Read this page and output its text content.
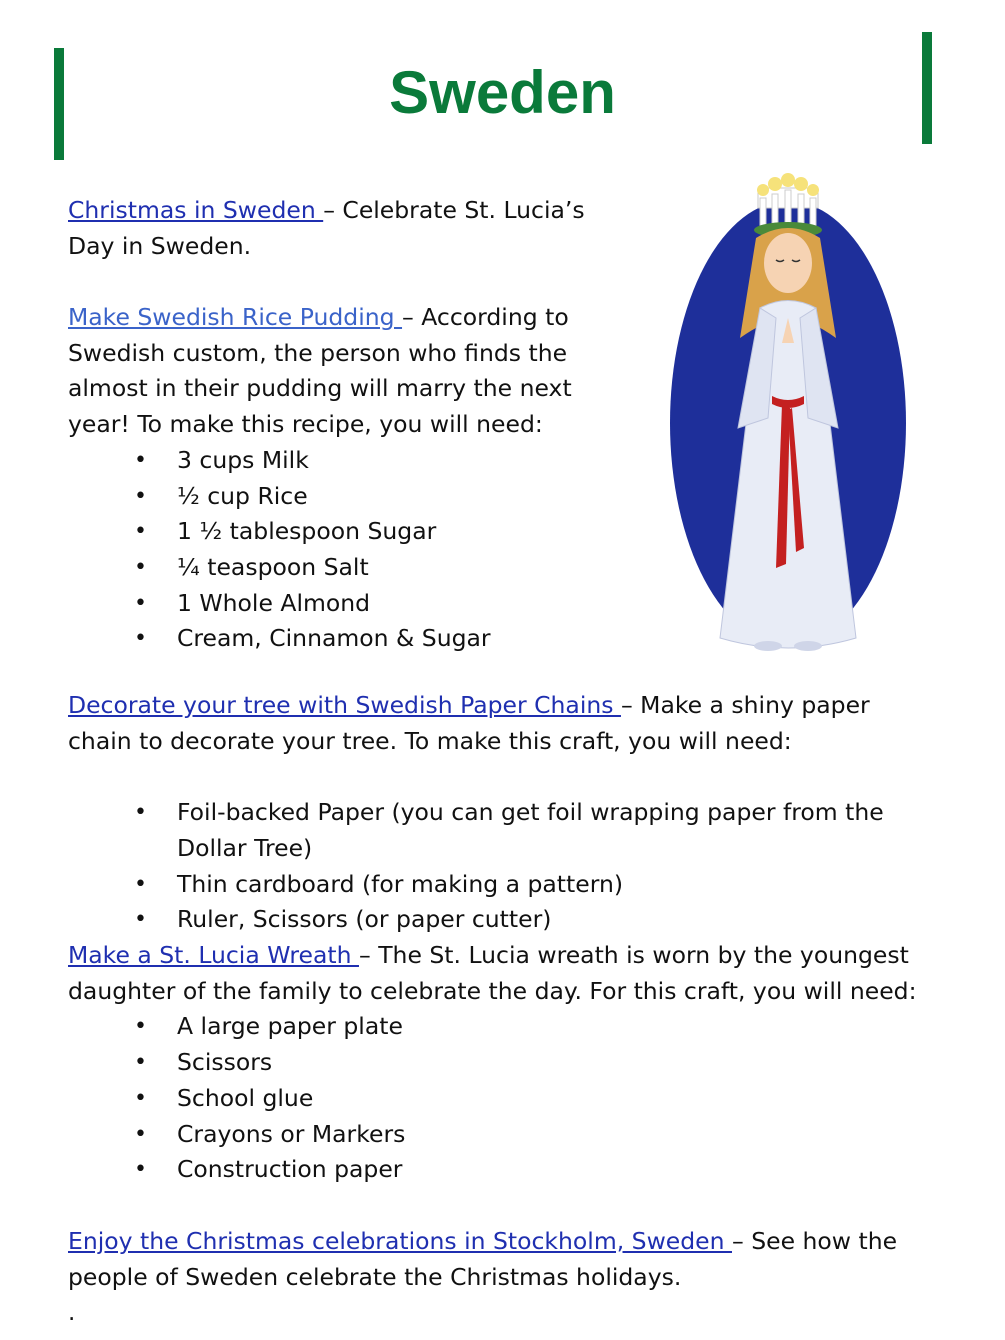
Sweden
Christmas in Sweden – Celebrate St. Lucia’s
Day in Sweden.
Make Swedish Rice Pudding – According to
Swedish custom, the person who finds the
almost in their pudding will marry the next
year! To make this recipe, you will need:
• 3 cups Milk
• ½ cup Rice
• 1 ½ tablespoon Sugar
• ¼ teaspoon Salt
• 1 Whole Almond
• Cream, Cinnamon & Sugar
Decorate your tree with Swedish Paper Chains – Make a shiny paper
chain to decorate your tree. To make this craft, you will need:
• Foil-backed Paper (you can get foil wrapping paper from the
Dollar Tree)
• Thin cardboard (for making a pattern)
• Ruler, Scissors (or paper cutter)
Make a St. Lucia Wreath – The St. Lucia wreath is worn by the youngest
daughter of the family to celebrate the day. For this craft, you will need:
• A large paper plate
• Scissors
• School glue
• Crayons or Markers
• Construction paper
Enjoy the Christmas celebrations in Stockholm, Sweden – See how the
people of Sweden celebrate the Christmas holidays.
.
